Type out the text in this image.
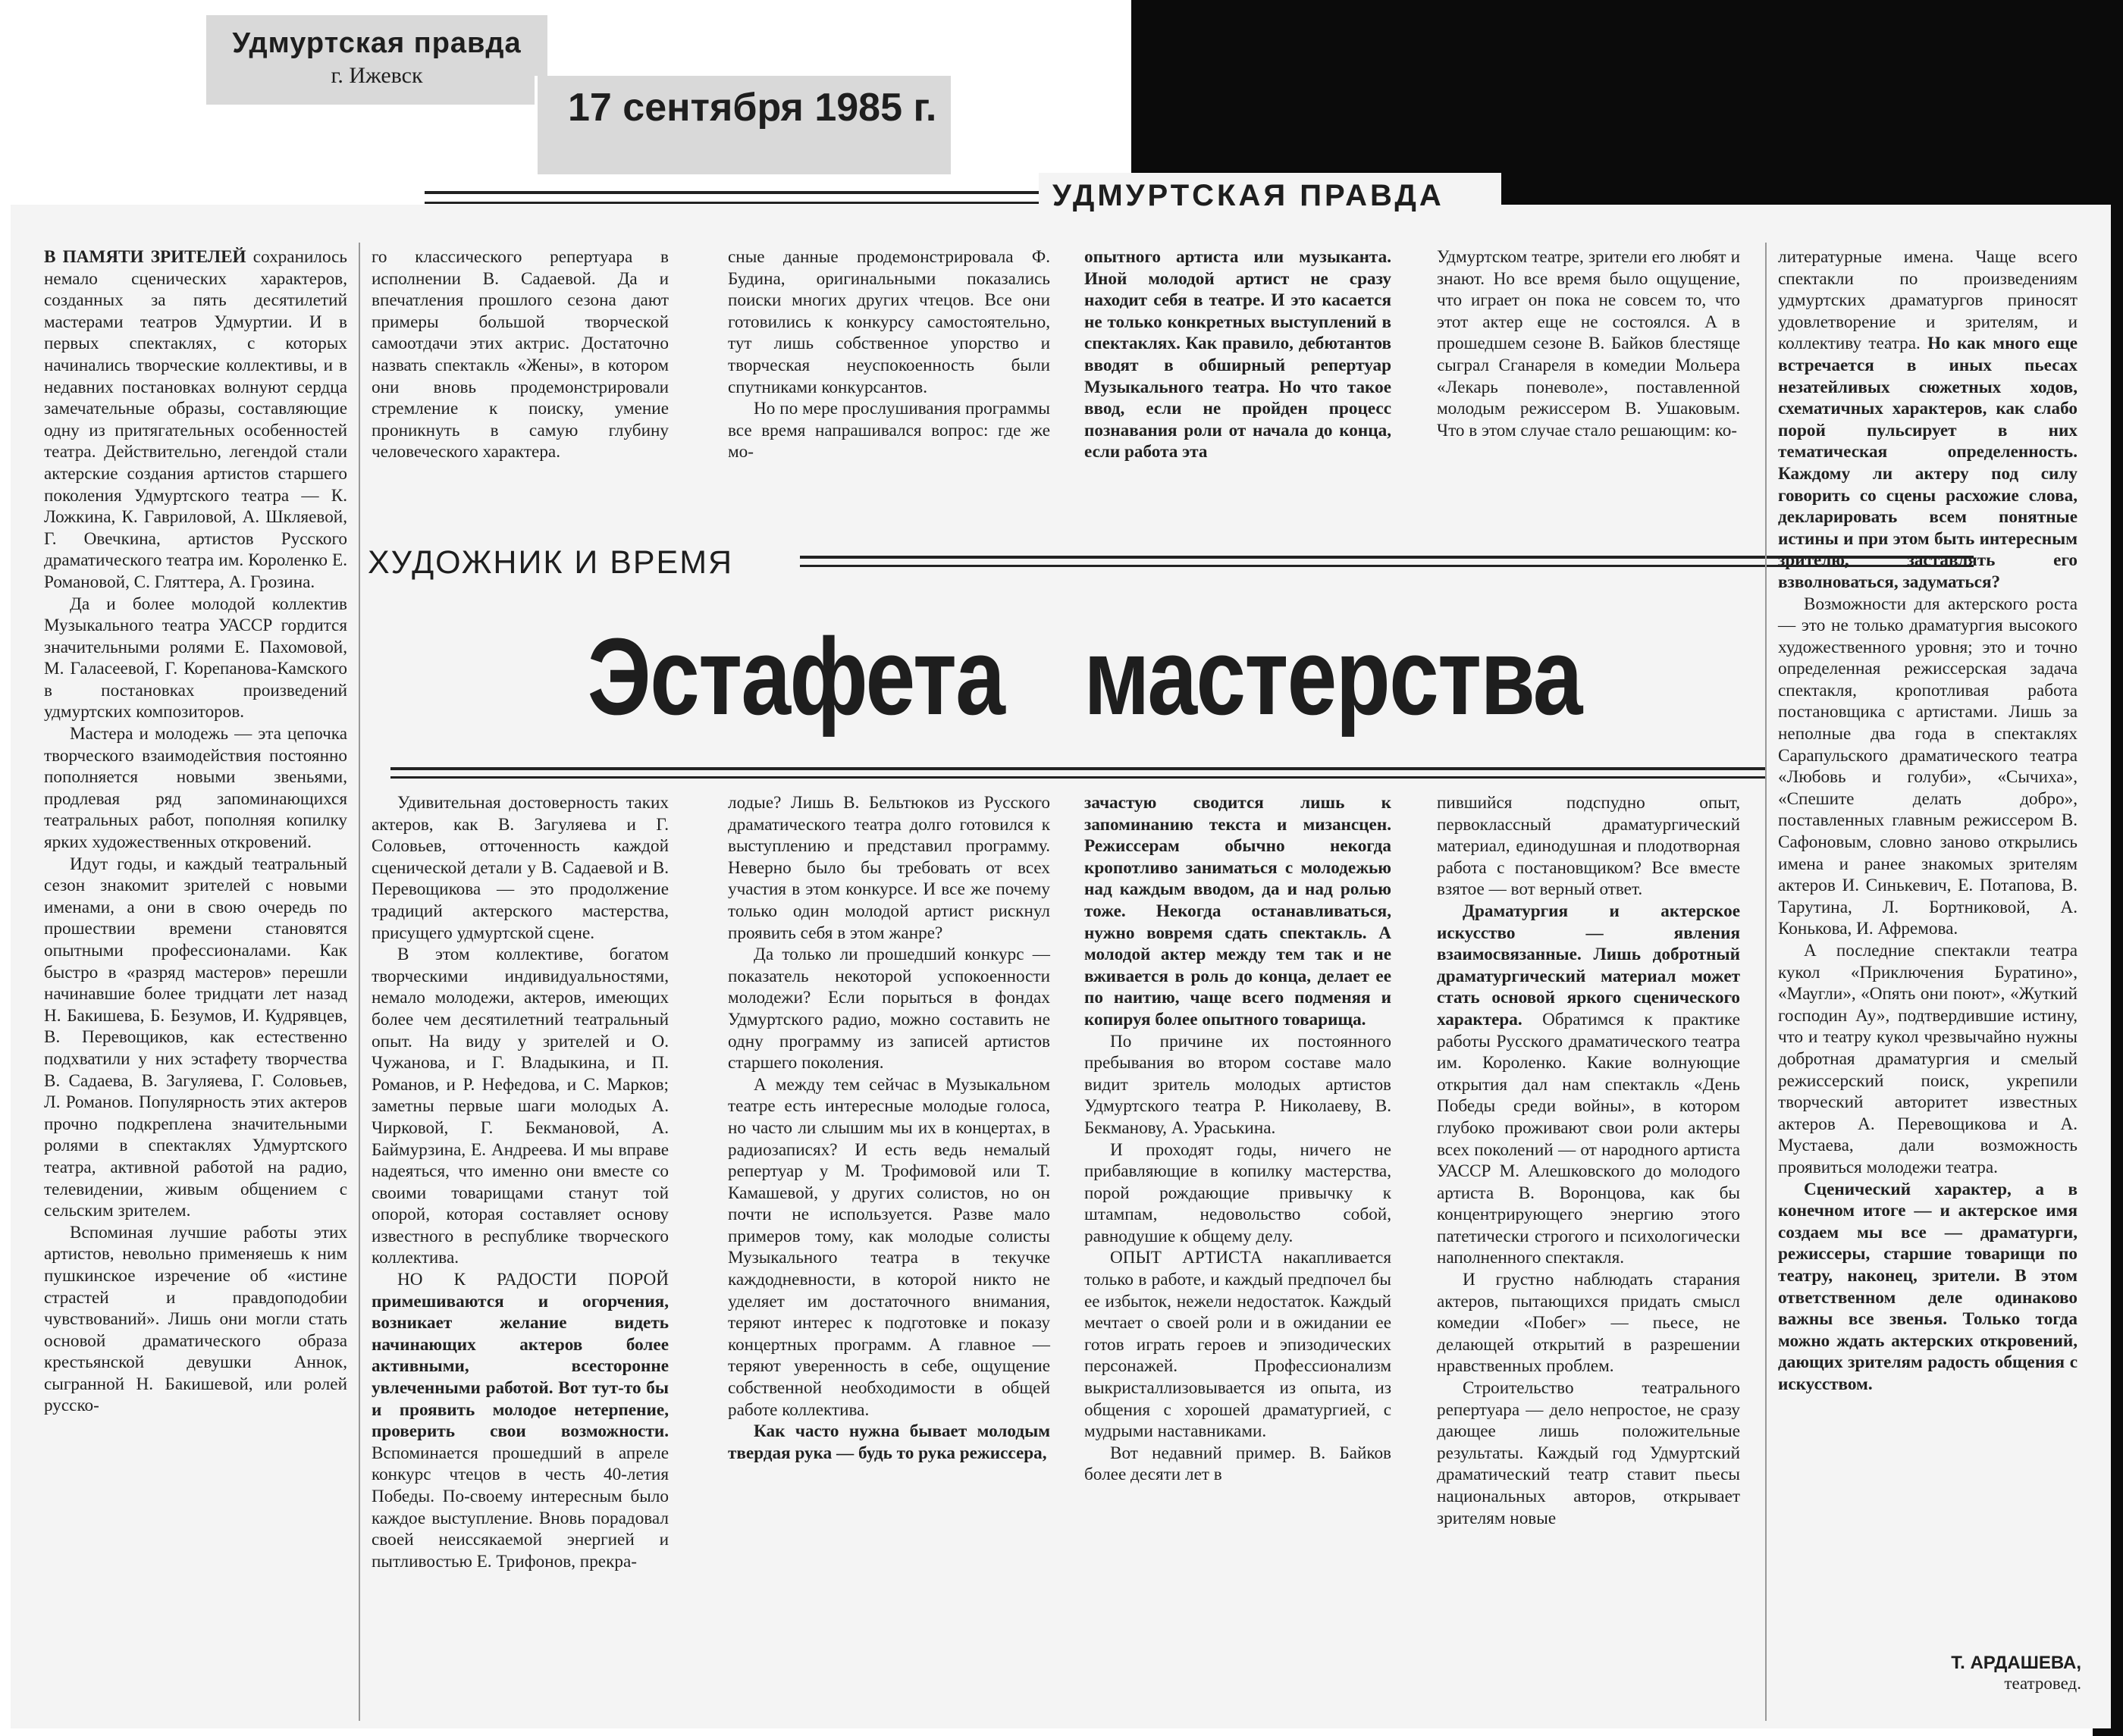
Удмуртская правда
г. Ижевск
17 сентября 1985 г.
УДМУРТСКАЯ ПРАВДА

го классического репертуара в исполнении В. Садаевой. Да и впечатления прошлого сезона дают примеры большой творческой самоотдачи этих актрис. Достаточно назвать спектакль «Жены», в котором они вновь продемонстрировали стремление к поиску, умение проникнуть в самую глубину человеческого характера.

сные данные продемонстрировала Ф. Будина, оригинальными показались поиски многих других чтецов. Все они готовились к конкурсу самостоятельно, тут лишь собственное упорство и творческая неуспокоенность были спутниками конкурсантов.

Но по мере прослушивания программы все время напрашивался вопрос: где же мо-

опытного артиста или музыканта. Иной молодой артист не сразу находит себя в театре. И это касается не только конкретных выступлений в спектаклях. Как правило, дебютантов вводят в обширный репертуар Музыкального театра. Но что такое ввод, если не пройден процесс познавания роли от начала до конца, если работа эта

Удмуртском театре, зрители его любят и знают. Но все время было ощущение, что играет он пока не совсем то, что этот актер еще не состоялся. А в прошедшем сезоне В. Байков блестяще сыграл Сганареля в комедии Мольера «Лекарь поневоле», поставленной молодым режиссером В. Ушаковым. Что в этом случае стало решающим: ко-

ХУДОЖНИК И ВРЕМЯ
Эстафета мастерства

В ПАМЯТИ ЗРИТЕЛЕЙ сохранилось немало сценических характеров, созданных за пять десятилетий мастерами театров Удмуртии. И в первых спектаклях, с которых начинались творческие коллективы, и в недавних постановках волнуют сердца замечательные образы, составляющие одну из притягательных особенностей театра. Действительно, легендой стали актерские создания артистов старшего поколения Удмуртского театра — К. Ложкина, К. Гавриловой, А. Шкляевой, Г. Овечкина, артистов Русского драматического театра им. Короленко Е. Романовой, С. Гляттера, А. Грозина.

Да и более молодой коллектив Музыкального театра УАССР гордится значительными ролями Е. Пахомовой, М. Галасеевой, Г. Корепанова-Камского в постановках произведений удмуртских композиторов.

Мастера и молодежь — эта цепочка творческого взаимодействия постоянно пополняется новыми звеньями, продлевая ряд запоминающихся театральных работ, пополняя копилку ярких художественных откровений.

Идут годы, и каждый театральный сезон знакомит зрителей с новыми именами, а они в свою очередь по прошествии времени становятся опытными профессионалами. Как быстро в «разряд мастеров» перешли начинавшие более тридцати лет назад Н. Бакишева, Б. Безумов, И. Кудрявцев, В. Перевощиков, как естественно подхватили у них эстафету творчества В. Садаева, В. Загуляева, Г. Соловьев, Л. Романов. Популярность этих актеров прочно подкреплена значительными ролями в спектаклях Удмуртского театра, активной работой на радио, телевидении, живым общением с сельским зрителем.

Вспоминая лучшие работы этих артистов, невольно применяешь к ним пушкинское изречение об «истине страстей и правдоподобии чувствований». Лишь они могли стать основой драматического образа крестьянской девушки Аннок, сыгранной Н. Бакишевой, или ролей русско-

Удивительная достоверность таких актеров, как В. Загуляева и Г. Соловьев, отточенность каждой сценической детали у В. Садаевой и В. Перевощикова — это продолжение традиций актерского мастерства, присущего удмуртской сцене.

В этом коллективе, богатом творческими индивидуальностями, немало молодежи, актеров, имеющих более чем десятилетний театральный опыт. На виду у зрителей и О. Чужанова, и Г. Владыкина, и П. Романов, и Р. Нефедова, и С. Марков; заметны первые шаги молодых А. Чирковой, Г. Бекмановой, А. Баймурзина, Е. Андреева. И мы вправе надеяться, что именно они вместе со своими товарищами станут той опорой, которая составляет основу известного в республике творческого коллектива.

НО К РАДОСТИ ПОРОЙ примешиваются и огорчения, возникает желание видеть начинающих актеров более активными, всесторонне увлеченными работой. Вот тут-то бы и проявить молодое нетерпение, проверить свои возможности. Вспоминается прошедший в апреле конкурс чтецов в честь 40-летия Победы. По-своему интересным было каждое выступление. Вновь порадовал своей неиссякаемой энергией и пытливостью Е. Трифонов, прекра-

лодые? Лишь В. Бельтюков из Русского драматического театра долго готовился к выступлению и представил программу. Неверно было бы требовать от всех участия в этом конкурсе. И все же почему только один молодой артист рискнул проявить себя в этом жанре?

Да только ли прошедший конкурс — показатель некоторой успокоенности молодежи? Если порыться в фондах Удмуртского радио, можно составить не одну программу из записей артистов старшего поколения.

А между тем сейчас в Музыкальном театре есть интересные молодые голоса, но часто ли слышим мы их в концертах, в радиозаписях? И есть ведь немалый репертуар у М. Трофимовой или Т. Камашевой, у других солистов, но он почти не используется. Разве мало примеров тому, как молодые солисты Музыкального театра в текучке каждодневности, в которой никто не уделяет им достаточного внимания, теряют интерес к подготовке и показу концертных программ. А главное — теряют уверенность в себе, ощущение собственной необходимости в общей работе коллектива.

Как часто нужна бывает молодым твердая рука — будь то рука режиссера,

зачастую сводится лишь к запоминанию текста и мизансцен. Режиссерам обычно некогда кропотливо заниматься с молодежью над каждым вводом, да и над ролью тоже. Некогда останавливаться, нужно вовремя сдать спектакль. А молодой актер между тем так и не вживается в роль до конца, делает ее по наитию, чаще всего подменяя и копируя более опытного товарища.

По причине их постоянного пребывания во втором составе мало видит зритель молодых артистов Удмуртского театра Р. Николаеву, В. Бекманову, А. Ураськина.

И проходят годы, ничего не прибавляющие в копилку мастерства, порой рождающие привычку к штампам, недовольство собой, равнодушие к общему делу.

ОПЫТ АРТИСТА накапливается только в работе, и каждый предпочел бы ее избыток, нежели недостаток. Каждый мечтает о своей роли и в ожидании ее готов играть героев и эпизодических персонажей. Профессионализм выкристаллизовывается из опыта, из общения с хорошей драматургией, с мудрыми наставниками.

Вот недавний пример. В. Байков более десяти лет в

пившийся подспудно опыт, первоклассный драматургический материал, единодушная и плодотворная работа с постановщиком? Все вместе взятое — вот верный ответ.

Драматургия и актерское искусство — явления взаимосвязанные. Лишь добротный драматургический материал может стать основой яркого сценического характера. Обратимся к практике работы Русского драматического театра им. Короленко. Какие волнующие открытия дал нам спектакль «День Победы среди войны», в котором глубоко проживают свои роли актеры всех поколений — от народного артиста УАССР М. Алешковского до молодого артиста В. Воронцова, как бы концентрирующего энергию этого патетически строгого и психологически наполненного спектакля.

И грустно наблюдать старания актеров, пытающихся придать смысл комедии «Побег» — пьесе, не делающей открытий в разрешении нравственных проблем.

Строительство театрального репертуара — дело непростое, не сразу дающее лишь положительные результаты. Каждый год Удмуртский драматический театр ставит пьесы национальных авторов, открывает зрителям новые

литературные имена. Чаще всего спектакли по произведениям удмуртских драматургов приносят удовлетворение и зрителям, и коллективу театра. Но как много еще встречается в иных пьесах незатейливых сюжетных ходов, схематичных характеров, как слабо порой пульсирует в них тематическая определенность. Каждому ли актеру под силу говорить со сцены расхожие слова, декларировать всем понятные истины и при этом быть интересным зрителю, заставлять его взволноваться, задуматься?

Возможности для актерского роста — это не только драматургия высокого художественного уровня; это и точно определенная режиссерская задача спектакля, кропотливая работа постановщика с артистами. Лишь за неполные два года в спектаклях Сарапульского драматического театра «Любовь и голуби», «Сычиха», «Спешите делать добро», поставленных главным режиссером В. Сафоновым, словно заново открылись имена и ранее знакомых зрителям актеров И. Синькевич, Е. Потапова, В. Тарутина, Л. Бортниковой, А. Конькова, И. Афремова.

А последние спектакли театра кукол «Приключения Буратино», «Маугли», «Опять они поют», «Жуткий господин Ау», подтвердившие истину, что и театру кукол чрезвычайно нужны добротная драматургия и смелый режиссерский поиск, укрепили творческий авторитет известных актеров А. Перевощикова и А. Мустаева, дали возможность проявиться молодежи театра.

Сценический характер, а в конечном итоге — и актерское имя создаем мы все — драматурги, режиссеры, старшие товарищи по театру, наконец, зрители. В этом ответственном деле одинаково важны все звенья. Только тогда можно ждать актерских откровений, дающих зрителям радость общения с искусством.

Т. АРДАШЕВА,
театровед.
